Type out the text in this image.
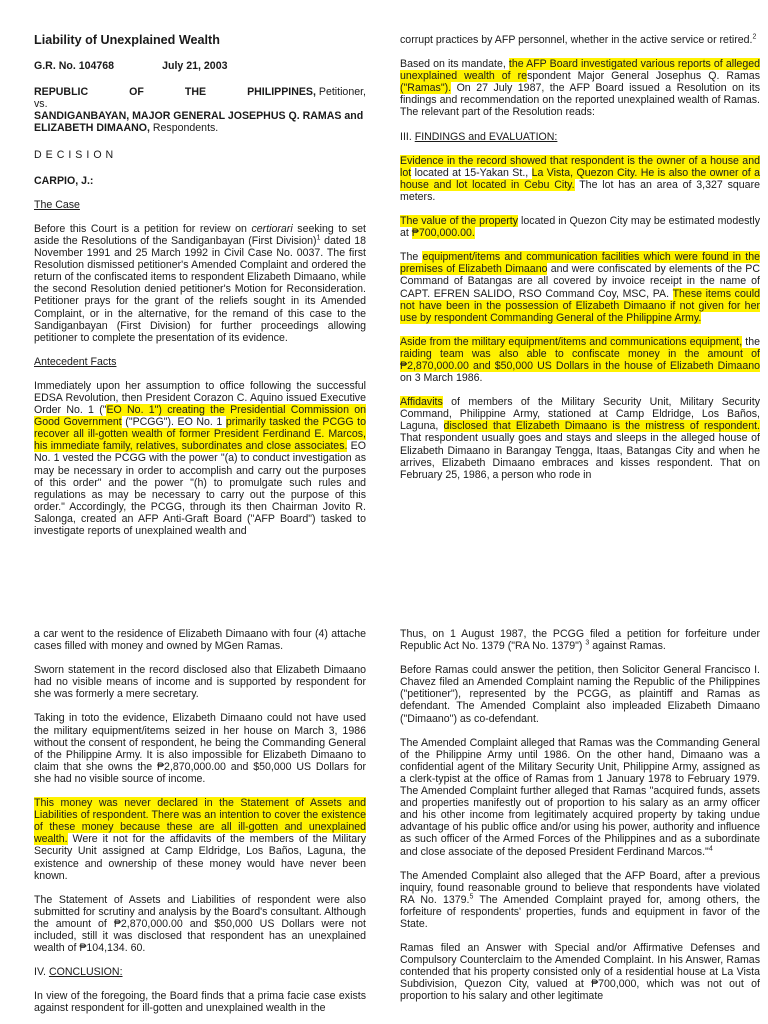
Liability of Unexplained Wealth
G.R. No. 104768	July 21, 2003
REPUBLIC	OF	THE	PHILIPPINES, Petitioner,
vs.
SANDIGANBAYAN, MAJOR GENERAL JOSEPHUS Q. RAMAS and ELIZABETH DIMAANO, Respondents.
DECISION

CARPIO, J.:

The Case

Before this Court is a petition for review on certiorari seeking to set aside the Resolutions of the Sandiganbayan (First Division)$^1$ dated 18 November 1991 and 25 March 1992 in Civil Case No. 0037. The first Resolution dismissed petitioner's Amended Complaint and ordered the return of the confiscated items to respondent Elizabeth Dimaano, while the second Resolution denied petitioner's Motion for Reconsideration. Petitioner prays for the grant of the reliefs sought in its Amended Complaint, or in the alternative, for the remand of this case to the Sandiganbayan (First Division) for further proceedings allowing petitioner to complete the presentation of its evidence.

Antecedent Facts

Immediately upon her assumption to office following the successful EDSA Revolution, then President Corazon C. Aquino issued Executive Order No. 1 ("EO No. 1") creating the Presidential Commission on Good Government ("PCGG"). EO No. 1 primarily tasked the PCGG to recover all ill-gotten wealth of former President Ferdinand E. Marcos, his immediate family, relatives, subordinates and close associates. EO No. 1 vested the PCGG with the power "(a) to conduct investigation as may be necessary in order to accomplish and carry out the purposes of this order" and the power "(h) to promulgate such rules and regulations as may be necessary to carry out the purpose of this order." Accordingly, the PCGG, through its then Chairman Jovito R. Salonga, created an AFP Anti-Graft Board ("AFP Board") tasked to investigate reports of unexplained wealth and

corrupt practices by AFP personnel, whether in the active service or retired.$^2$

Based on its mandate, the AFP Board investigated various reports of alleged unexplained wealth of respondent Major General Josephus Q. Ramas ("Ramas"). On 27 July 1987, the AFP Board issued a Resolution on its findings and recommendation on the reported unexplained wealth of Ramas. The relevant part of the Resolution reads:

III. FINDINGS and EVALUATION:

Evidence in the record showed that respondent is the owner of a house and lot located at 15-Yakan St., La Vista, Quezon City. He is also the owner of a house and lot located in Cebu City. The lot has an area of 3,327 square meters.

The value of the property located in Quezon City may be estimated modestly at ₱700,000.00.

The equipment/items and communication facilities which were found in the premises of Elizabeth Dimaano and were confiscated by elements of the PC Command of Batangas are all covered by invoice receipt in the name of CAPT. EFREN SALIDO, RSO Command Coy, MSC, PA. These items could not have been in the possession of Elizabeth Dimaano if not given for her use by respondent Commanding General of the Philippine Army.

Aside from the military equipment/items and communications equipment, the raiding team was also able to confiscate money in the amount of ₱2,870,000.00 and $50,000 US Dollars in the house of Elizabeth Dimaano on 3 March 1986.

Affidavits of members of the Military Security Unit, Military Security Command, Philippine Army, stationed at Camp Eldridge, Los Baños, Laguna, disclosed that Elizabeth Dimaano is the mistress of respondent. That respondent usually goes and stays and sleeps in the alleged house of Elizabeth Dimaano in Barangay Tengga, Itaas, Batangas City and when he arrives, Elizabeth Dimaano embraces and kisses respondent. That on February 25, 1986, a person who rode in

a car went to the residence of Elizabeth Dimaano with four (4) attache cases filled with money and owned by MGen Ramas.

Sworn statement in the record disclosed also that Elizabeth Dimaano had no visible means of income and is supported by respondent for she was formerly a mere secretary.

Taking in toto the evidence, Elizabeth Dimaano could not have used the military equipment/items seized in her house on March 3, 1986 without the consent of respondent, he being the Commanding General of the Philippine Army. It is also impossible for Elizabeth Dimaano to claim that she owns the ₱2,870,000.00 and $50,000 US Dollars for she had no visible source of income.

This money was never declared in the Statement of Assets and Liabilities of respondent. There was an intention to cover the existence of these money because these are all ill-gotten and unexplained wealth. Were it not for the affidavits of the members of the Military Security Unit assigned at Camp Eldridge, Los Baños, Laguna, the existence and ownership of these money would have never been known.

The Statement of Assets and Liabilities of respondent were also submitted for scrutiny and analysis by the Board's consultant. Although the amount of ₱2,870,000.00 and $50,000 US Dollars were not included, still it was disclosed that respondent has an unexplained wealth of ₱104,134. 60.

IV. CONCLUSION:

In view of the foregoing, the Board finds that a prima facie case exists against respondent for ill-gotten and unexplained wealth in the

Thus, on 1 August 1987, the PCGG filed a petition for forfeiture under Republic Act No. 1379 ("RA No. 1379") $^3$ against Ramas.

Before Ramas could answer the petition, then Solicitor General Francisco I. Chavez filed an Amended Complaint naming the Republic of the Philippines ("petitioner"), represented by the PCGG, as plaintiff and Ramas as defendant. The Amended Complaint also impleaded Elizabeth Dimaano ("Dimaano") as co-defendant.

The Amended Complaint alleged that Ramas was the Commanding General of the Philippine Army until 1986. On the other hand, Dimaano was a confidential agent of the Military Security Unit, Philippine Army, assigned as a clerk-typist at the office of Ramas from 1 January 1978 to February 1979. The Amended Complaint further alleged that Ramas "acquired funds, assets and properties manifestly out of proportion to his salary as an army officer and his other income from legitimately acquired property by taking undue advantage of his public office and/or using his power, authority and influence as such officer of the Armed Forces of the Philippines and as a subordinate and close associate of the deposed President Ferdinand Marcos."$^4$

The Amended Complaint also alleged that the AFP Board, after a previous inquiry, found reasonable ground to believe that respondents have violated RA No. 1379.$^5$ The Amended Complaint prayed for, among others, the forfeiture of respondents' properties, funds and equipment in favor of the State.

Ramas filed an Answer with Special and/or Affirmative Defenses and Compulsory Counterclaim to the Amended Complaint. In his Answer, Ramas contended that his property consisted only of a residential house at La Vista Subdivision, Quezon City, valued at ₱700,000, which was not out of proportion to his salary and other legitimate
